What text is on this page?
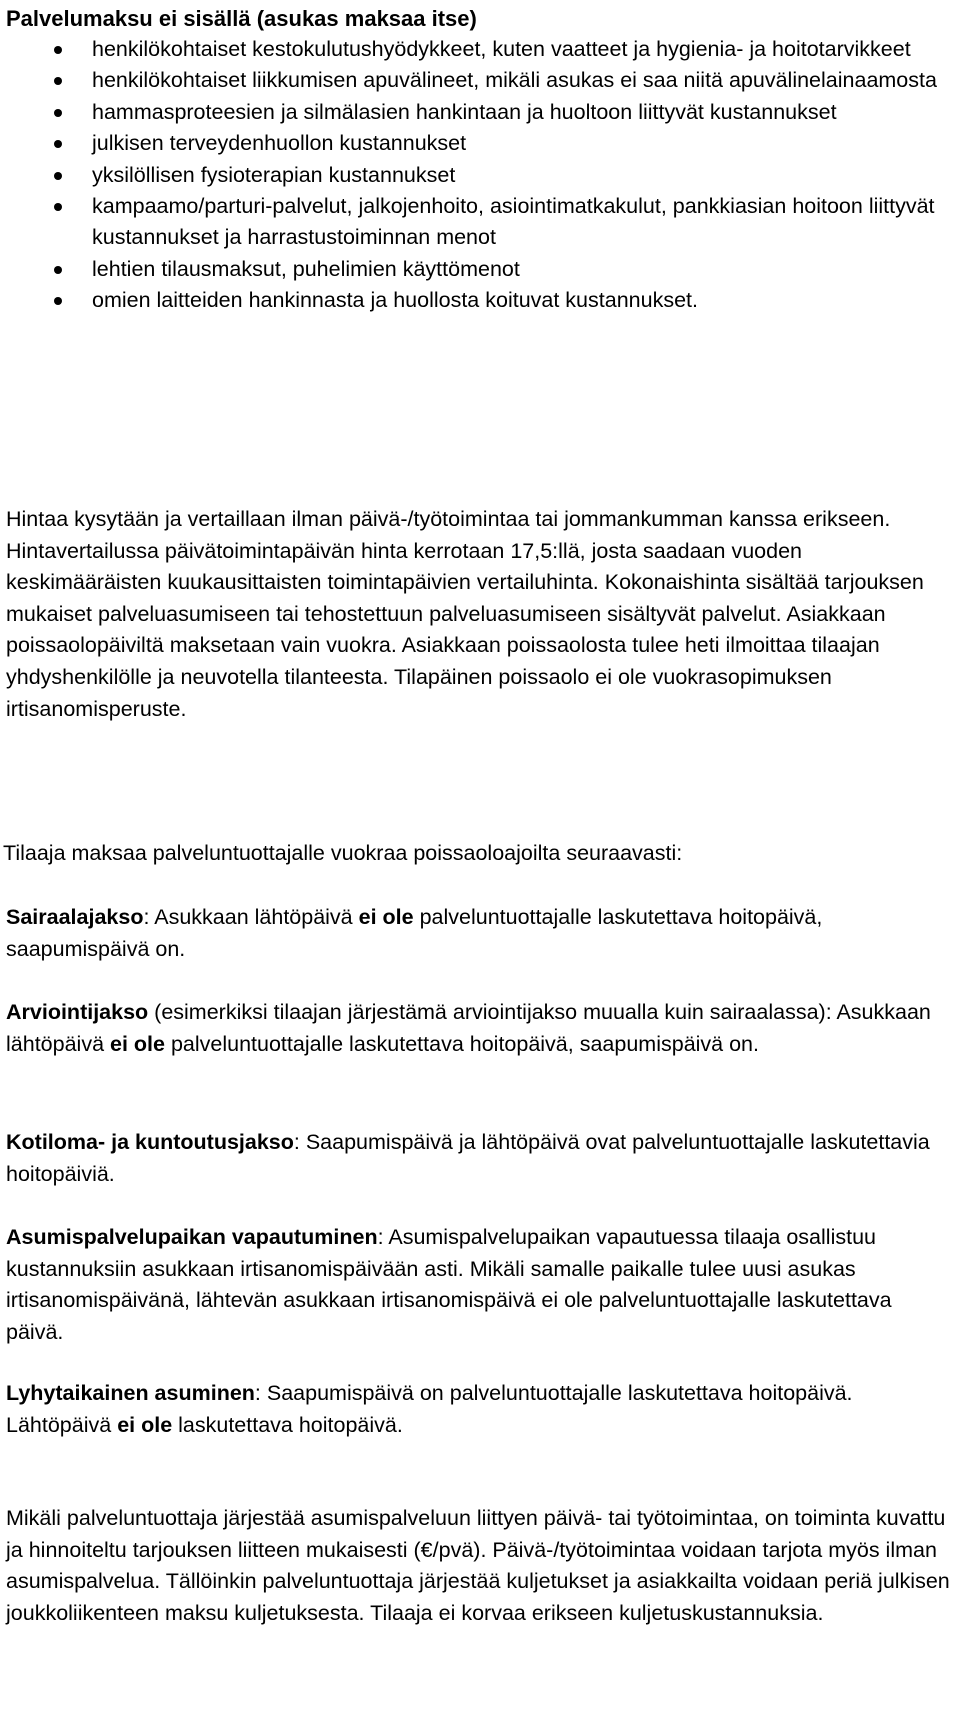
Palvelumaksu ei sisällä (asukas maksaa itse)
henkilökohtaiset kestokulutushyödykkeet, kuten vaatteet ja hygienia- ja hoitotarvikkeet
henkilökohtaiset liikkumisen apuvälineet, mikäli asukas ei saa niitä apuvälinelainaamosta
hammasproteesien ja silmälasien hankintaan ja huoltoon liittyvät kustannukset
julkisen terveydenhuollon kustannukset
yksilöllisen fysioterapian kustannukset
kampaamo/parturi-palvelut, jalkojenhoito, asiointimatkakulut, pankkiasian hoitoon liittyvät kustannukset ja harrastustoiminnan menot
lehtien tilausmaksut, puhelimien käyttömenot
omien laitteiden hankinnasta ja huollosta koituvat kustannukset.

Hintaa kysytään ja vertaillaan ilman päivä-/työtoimintaa tai jommankumman kanssa erikseen. Hintavertailussa päivätoimintapäivän hinta kerrotaan 17,5:llä, josta saadaan vuoden keskimääräisten kuukausittaisten toimintapäivien vertailuhinta. Kokonaishinta sisältää tarjouksen mukaiset palveluasumiseen tai tehostettuun palveluasumiseen sisältyvät palvelut. Asiakkaan poissaolopäiviltä maksetaan vain vuokra. Asiakkaan poissaolosta tulee heti ilmoittaa tilaajan yhdyshenkilölle ja neuvotella tilanteesta. Tilapäinen poissaolo ei ole vuokrasopimuksen irtisanomisperuste.

Tilaaja maksaa palveluntuottajalle vuokraa poissaoloajoilta seuraavasti:

Sairaalajakso: Asukkaan lähtöpäivä ei ole palveluntuottajalle laskutettava hoitopäivä, saapumispäivä on.

Arviointijakso (esimerkiksi tilaajan järjestämä arviointijakso muualla kuin sairaalassa): Asukkaan lähtöpäivä ei ole palveluntuottajalle laskutettava hoitopäivä, saapumispäivä on.

Kotiloma- ja kuntoutusjakso: Saapumispäivä ja lähtöpäivä ovat palveluntuottajalle laskutettavia hoitopäiviä.

Asumispalvelupaikan vapautuminen: Asumispalvelupaikan vapautuessa tilaaja osallistuu kustannuksiin asukkaan irtisanomispäivään asti. Mikäli samalle paikalle tulee uusi asukas irtisanomispäivänä, lähtevän asukkaan irtisanomispäivä ei ole palveluntuottajalle laskutettava päivä.

Lyhytaikainen asuminen: Saapumispäivä on palveluntuottajalle laskutettava hoitopäivä. Lähtöpäivä ei ole laskutettava hoitopäivä.

Mikäli palveluntuottaja järjestää asumispalveluun liittyen päivä- tai työtoimintaa, on toiminta kuvattu ja hinnoiteltu tarjouksen liitteen mukaisesti (€/pvä). Päivä-/työtoimintaa voidaan tarjota myös ilman asumispalvelua. Tällöinkin palveluntuottaja järjestää kuljetukset ja asiakkailta voidaan periä julkisen joukkoliikenteen maksu kuljetuksesta. Tilaaja ei korvaa erikseen kuljetuskustannuksia.
